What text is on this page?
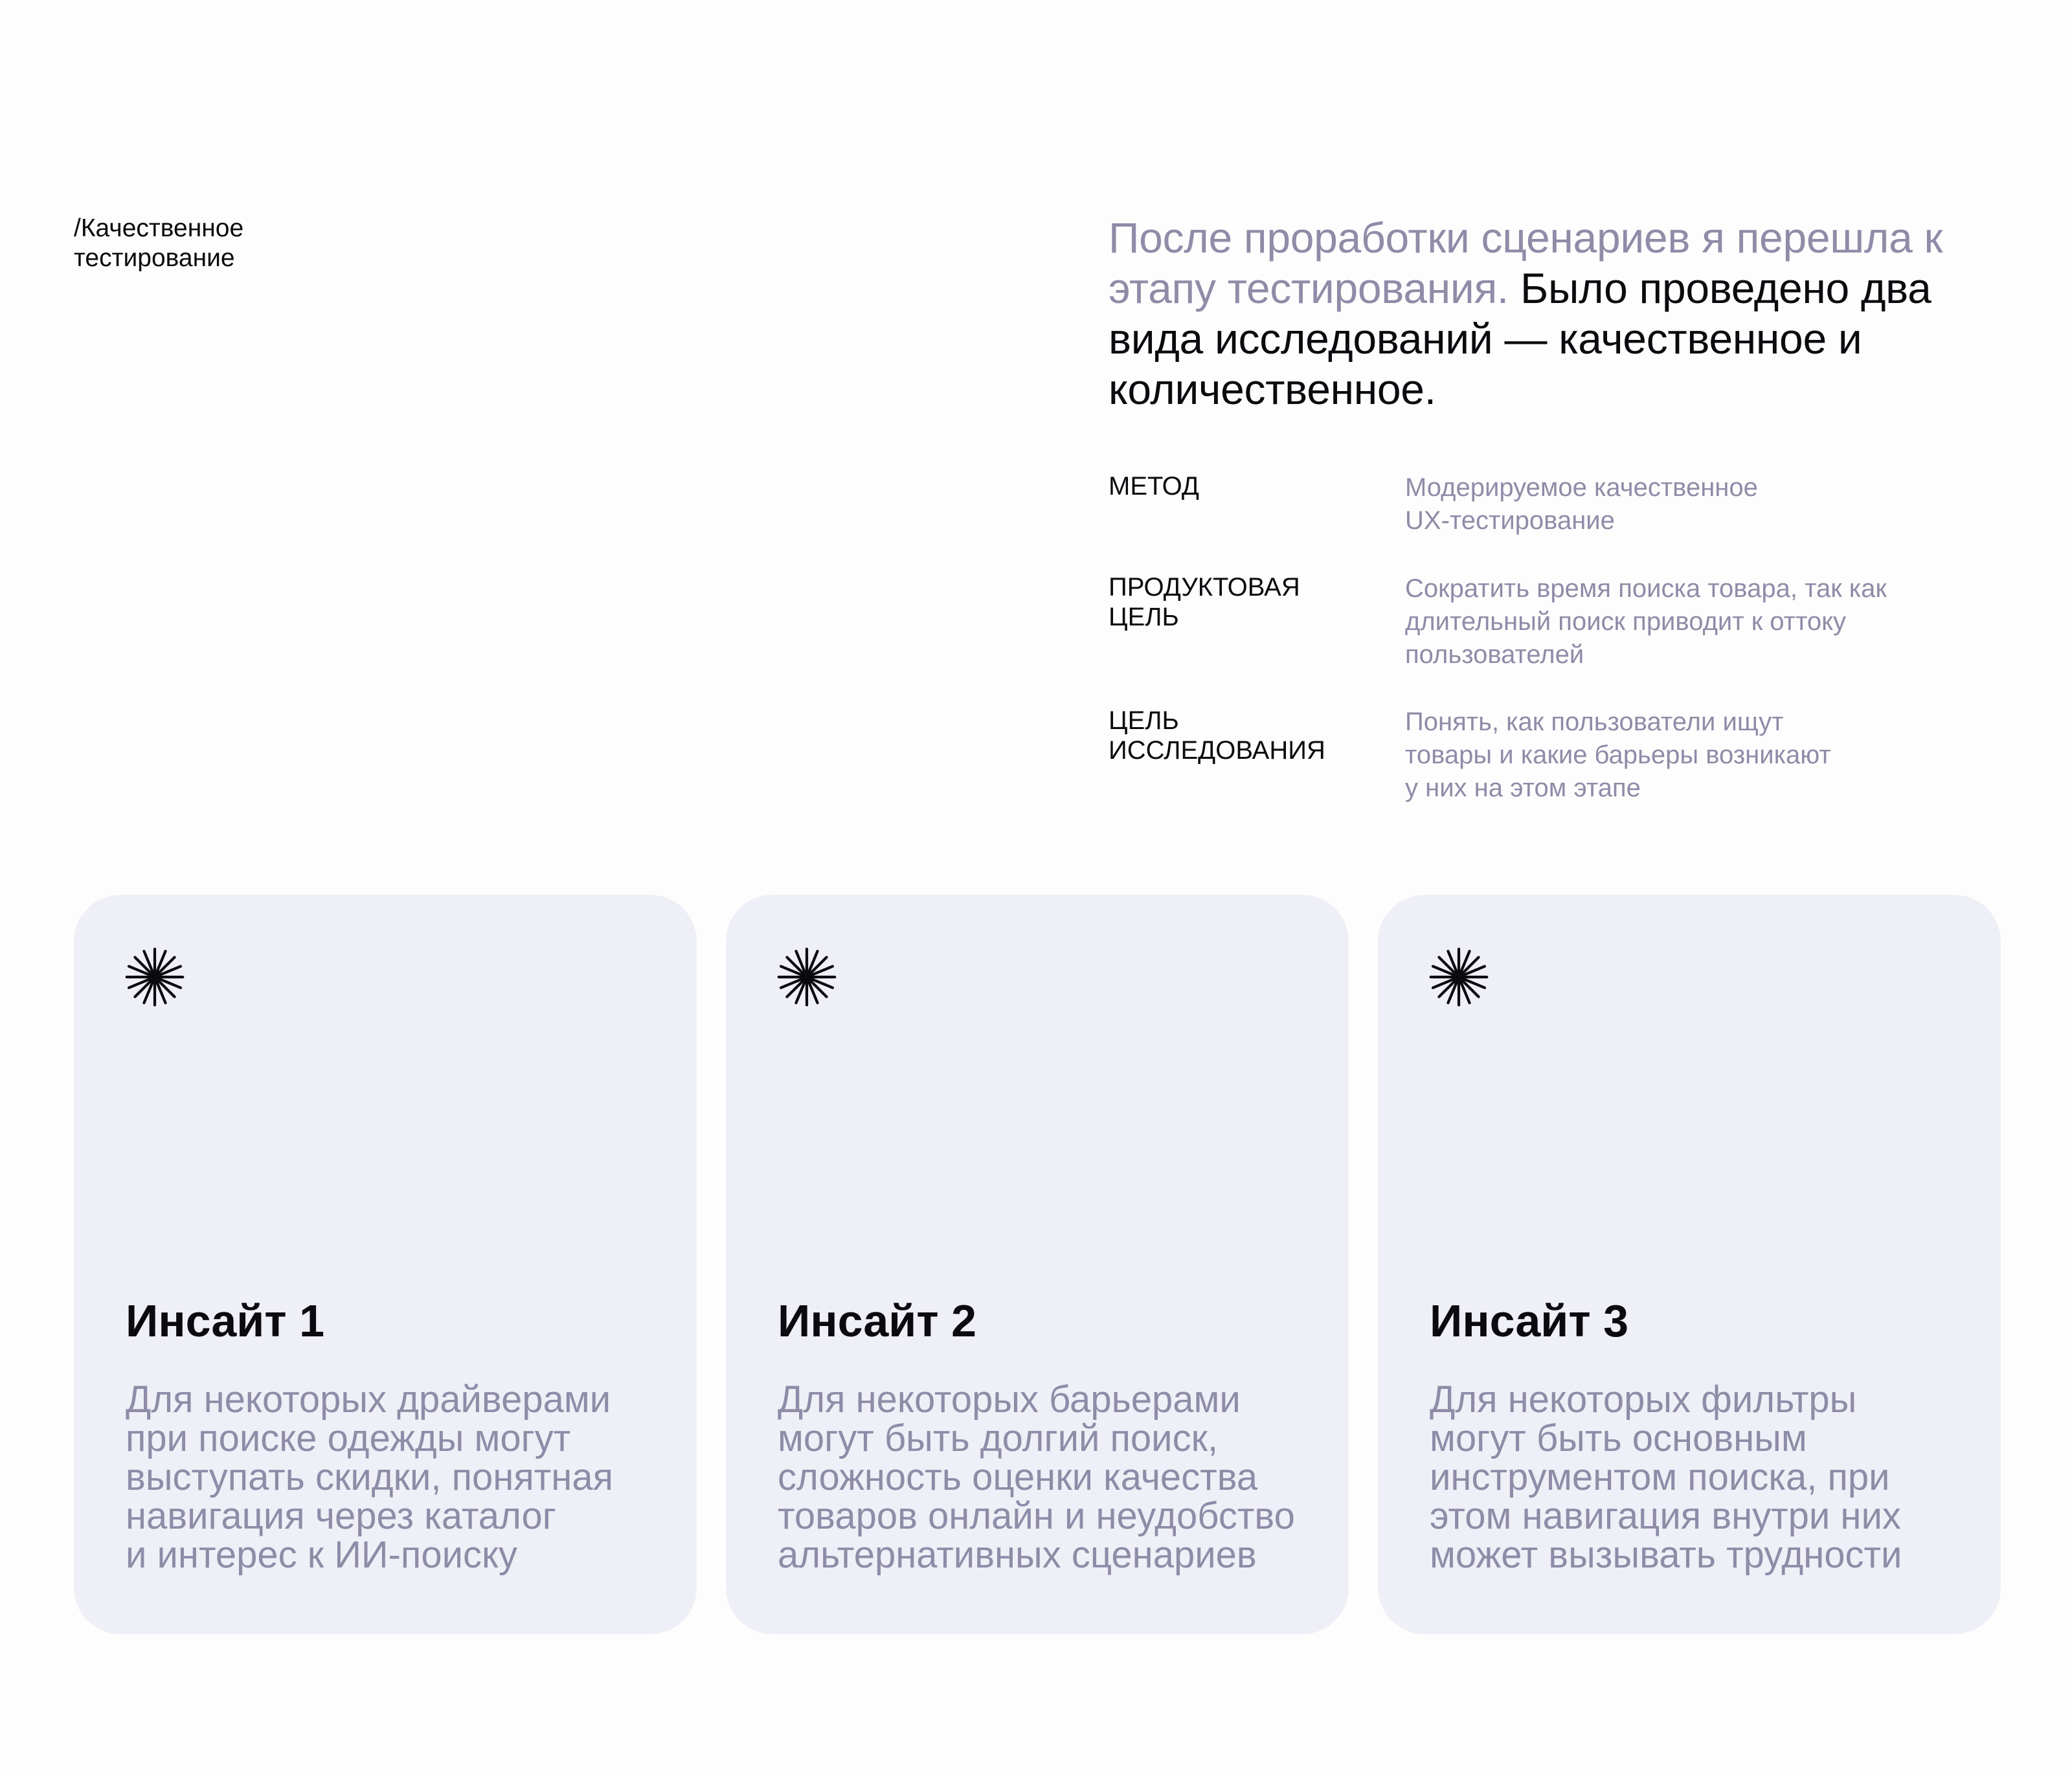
/Качественное
тестирование	После проработки сценариев я перешла к этапу тестирования. Было проведено два вида исследований — качественное и количественное.

МЕТОД	Модерируемое качественное
UX-тестирование
ПРОДУКТОВАЯ
ЦЕЛЬ
Сократить время поиска товара, так как
длительный поиск приводит к оттоку
пользователей
ЦЕЛЬ
ИССЛЕДОВАНИЯ
Понять, как пользователи ищут
товары и какие барьеры возникают
у них на этом этапе
Инсайт 1

Для некоторых драйверами
при поиске одежды могут
выступать скидки, понятная
навигация через каталог
и интерес к ИИ-поиску

Инсайт 2

Для некоторых барьерами
могут быть долгий поиск,
сложность оценки качества
товаров онлайн и неудобство
альтернативных сценариев

Инсайт 3

Для некоторых фильтры
могут быть основным
инструментом поиска, при
этом навигация внутри них
может вызывать трудности
